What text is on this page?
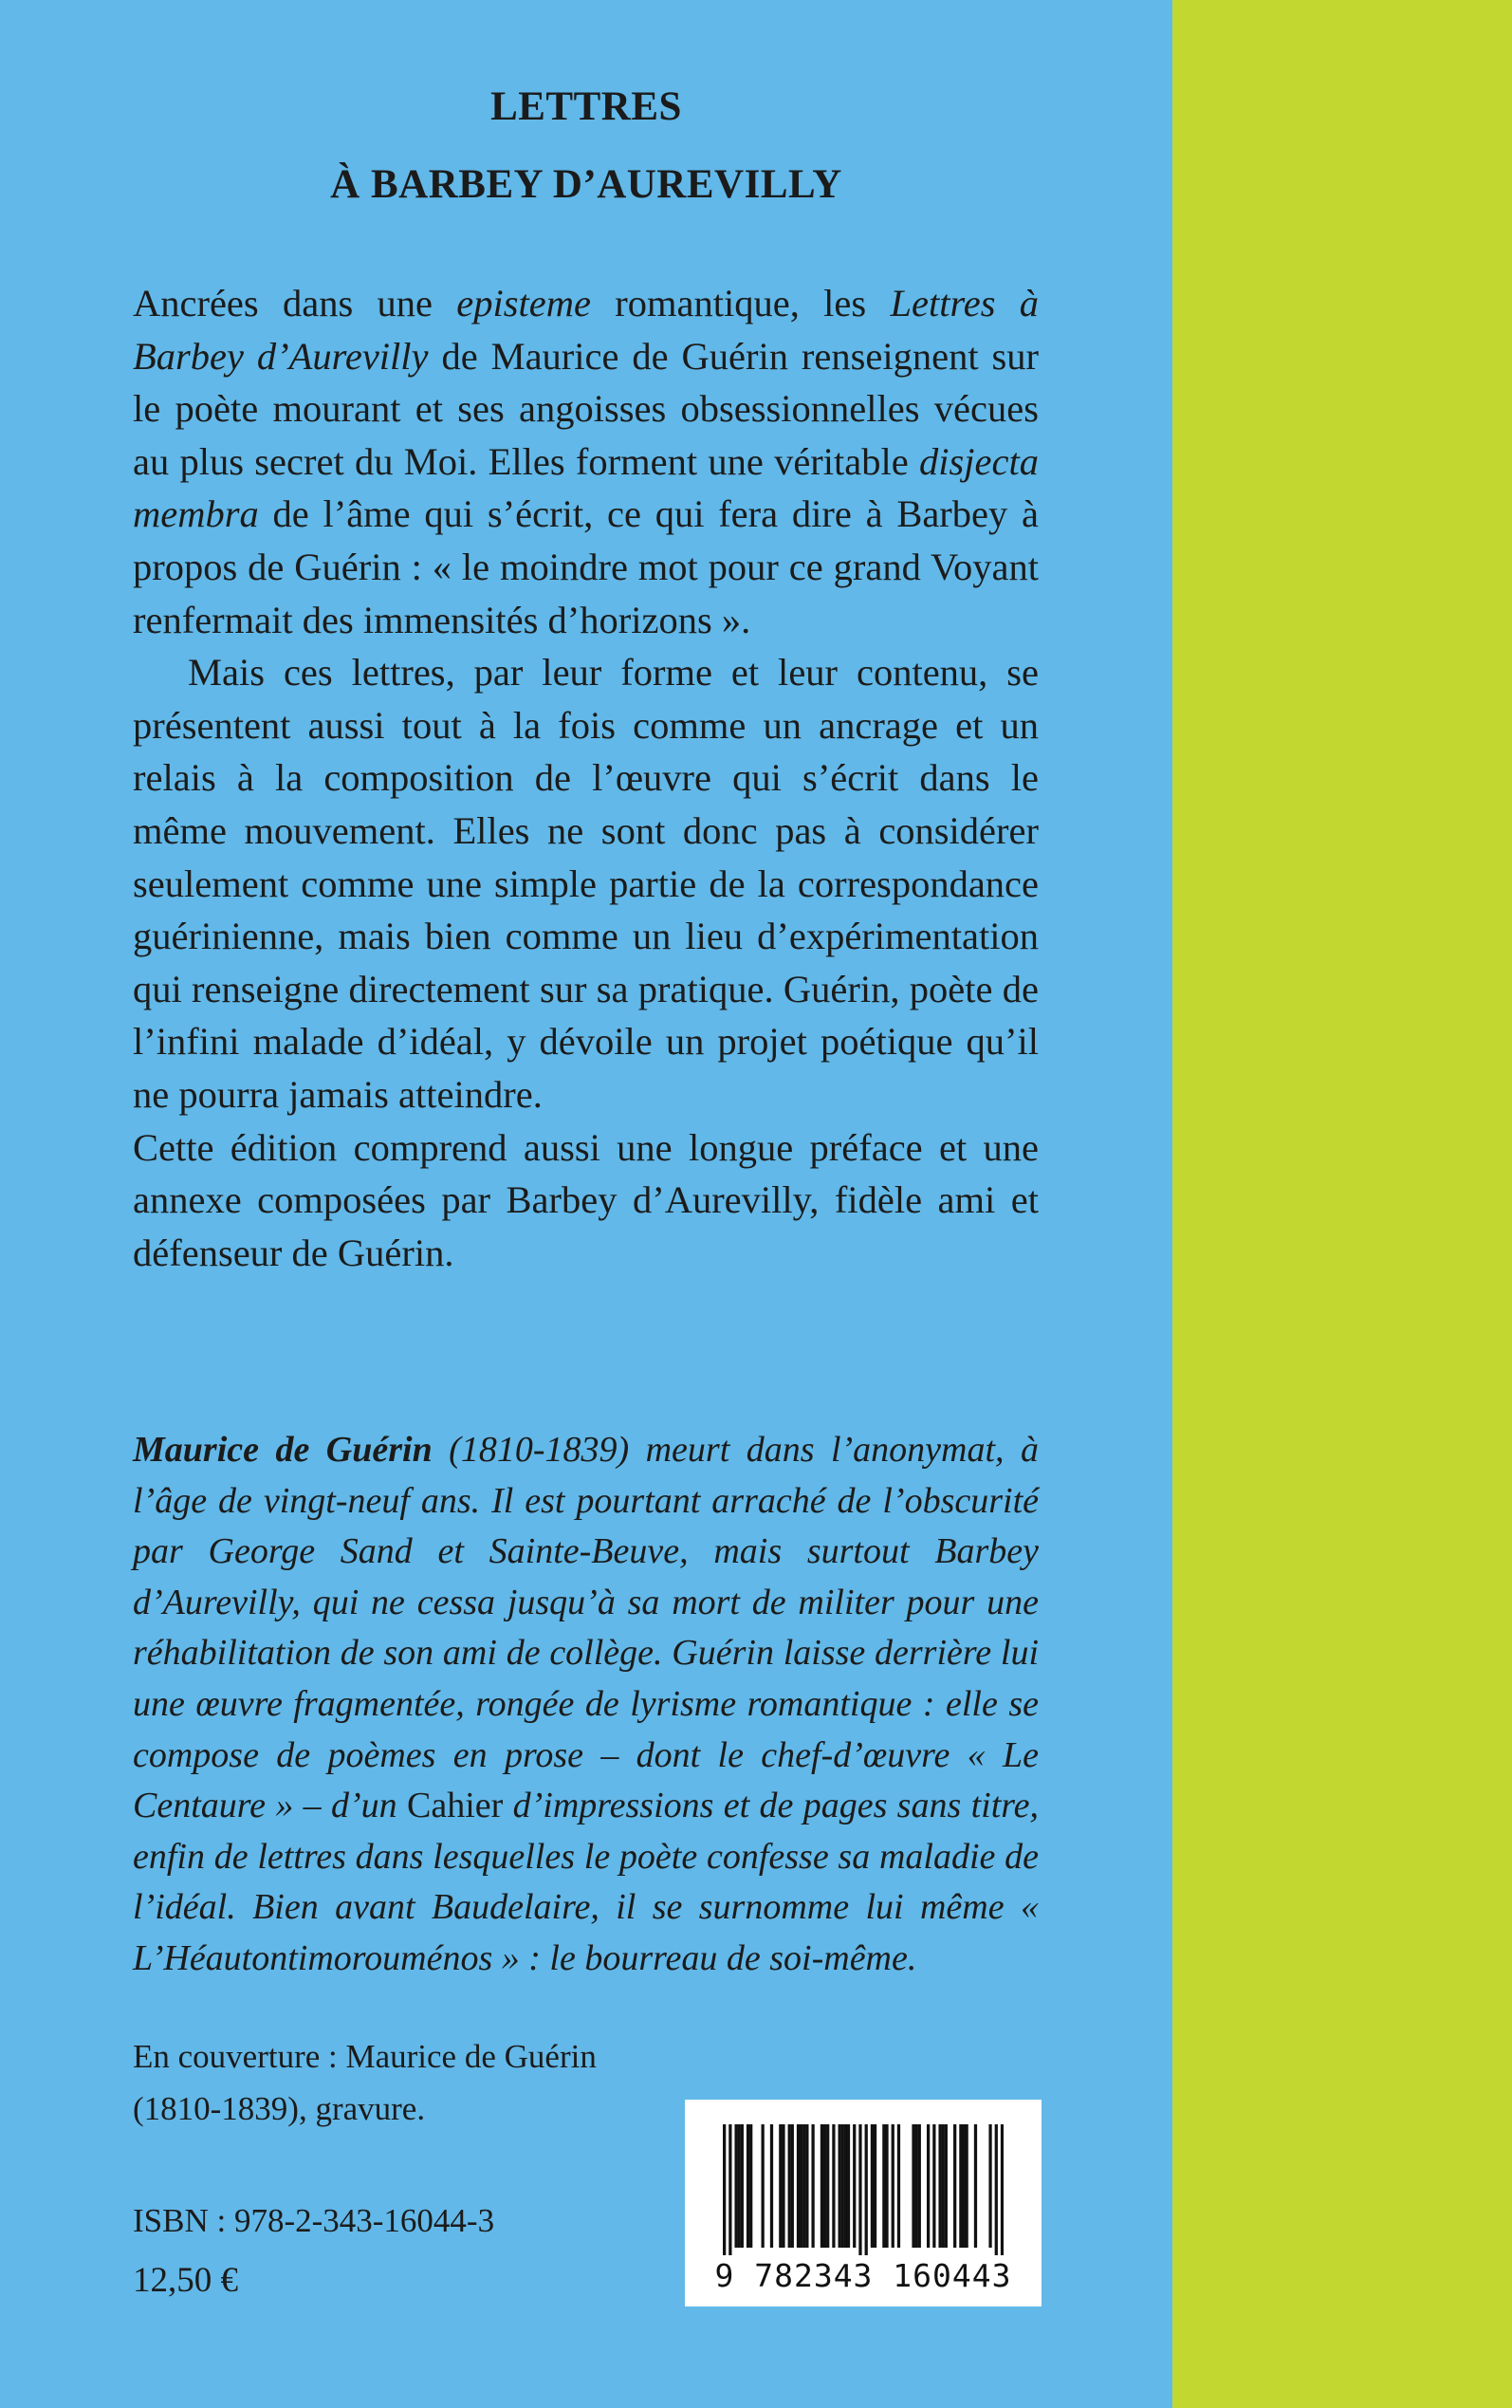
LETTRES
À BARBEY D’AUREVILLY

Ancrées dans une episteme romantique, les Lettres à Barbey d’Aurevilly de Maurice de Guérin renseignent sur le poète mourant et ses angoisses obsessionnelles vécues au plus secret du Moi. Elles forment une véritable disjecta membra de l’âme qui s’écrit, ce qui fera dire à Barbey à propos de Guérin : « le moindre mot pour ce grand Voyant renfermait des immensités d’horizons ».

Mais ces lettres, par leur forme et leur contenu, se présentent aussi tout à la fois comme un ancrage et un relais à la composition de l’œuvre qui s’écrit dans le même mouvement. Elles ne sont donc pas à considérer seulement comme une simple partie de la correspondance guérinienne, mais bien comme un lieu d’expérimentation qui renseigne directement sur sa pratique. Guérin, poète de l’infini malade d’idéal, y dévoile un projet poétique qu’il ne pourra jamais atteindre.

Cette édition comprend aussi une longue préface et une annexe composées par Barbey d’Aurevilly, fidèle ami et défenseur de Guérin.

Maurice de Guérin (1810-1839) meurt dans l’anonymat, à l’âge de vingt-neuf ans. Il est pourtant arraché de l’obscurité par George Sand et Sainte-Beuve, mais surtout Barbey d’Aurevilly, qui ne cessa jusqu’à sa mort de militer pour une réhabilitation de son ami de collège. Guérin laisse derrière lui une œuvre fragmentée, rongée de lyrisme romantique : elle se compose de poèmes en prose – dont le chef-d’œuvre « Le Centaure » – d’un Cahier d’impressions et de pages sans titre, enfin de lettres dans lesquelles le poète confesse sa maladie de l’idéal. Bien avant Baudelaire, il se surnomme lui même « L’Héautontimorouménos » : le bourreau de soi-même.
En couverture : Maurice de Guérin
(1810-1839), gravure.
ISBN : 978-2-343-16044-3
12,50 €	9 782343 160443
